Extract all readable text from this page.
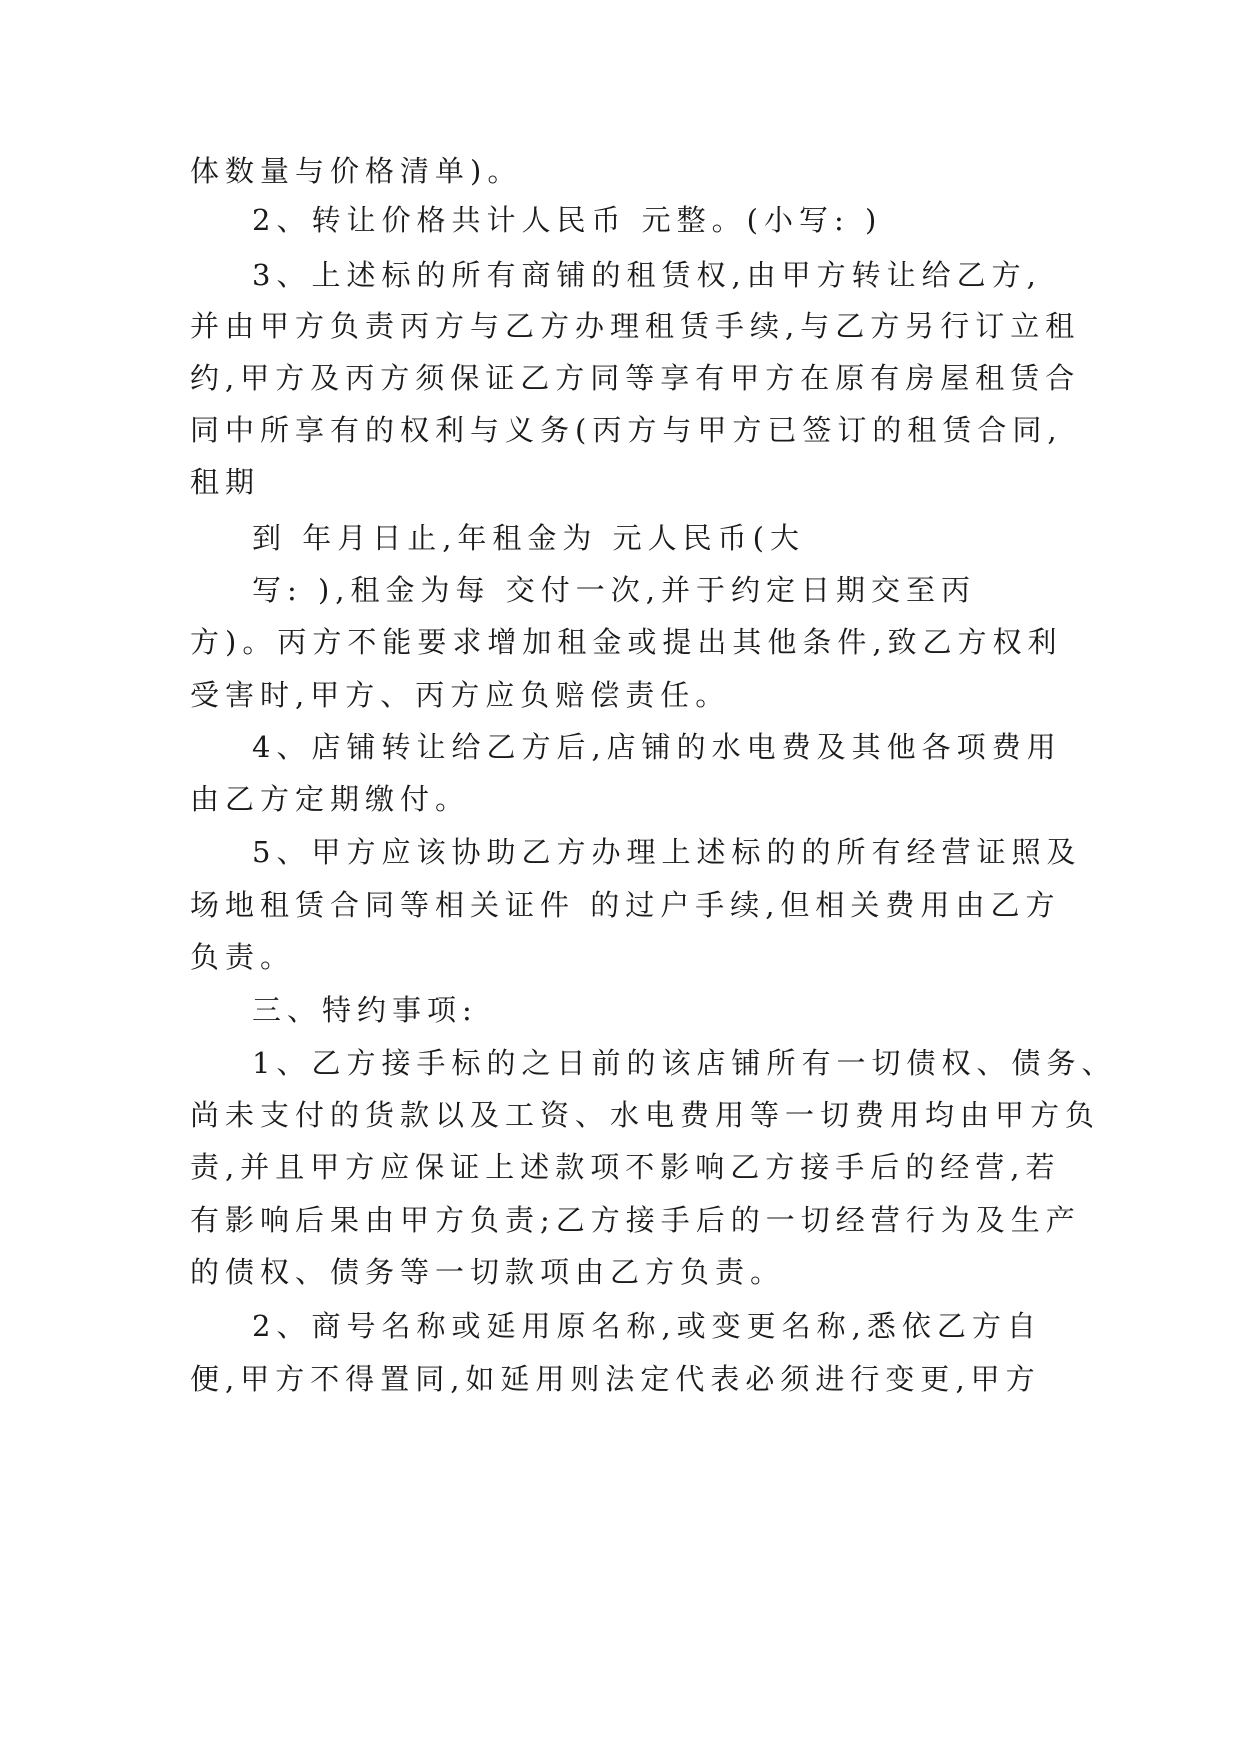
体数量与价格清单)。
2、转让价格共计人民币 元整。(小写: )
3、上述标的所有商铺的租赁权,由甲方转让给乙方,
并由甲方负责丙方与乙方办理租赁手续,与乙方另行订立租
约,甲方及丙方须保证乙方同等享有甲方在原有房屋租赁合
同中所享有的权利与义务(丙方与甲方已签订的租赁合同,
租期
到 年月日止,年租金为 元人民币(大
写: ),租金为每 交付一次,并于约定日期交至丙
方)。丙方不能要求增加租金或提出其他条件,致乙方权利
受害时,甲方、丙方应负赔偿责任。
4、店铺转让给乙方后,店铺的水电费及其他各项费用
由乙方定期缴付。
5、甲方应该协助乙方办理上述标的的所有经营证照及
场地租赁合同等相关证件 的过户手续,但相关费用由乙方
负责。
三、特约事项:
1、乙方接手标的之日前的该店铺所有一切债权、债务、
尚未支付的货款以及工资、水电费用等一切费用均由甲方负
责,并且甲方应保证上述款项不影响乙方接手后的经营,若
有影响后果由甲方负责;乙方接手后的一切经营行为及生产
的债权、债务等一切款项由乙方负责。
2、商号名称或延用原名称,或变更名称,悉依乙方自
便,甲方不得置同,如延用则法定代表必须进行变更,甲方
